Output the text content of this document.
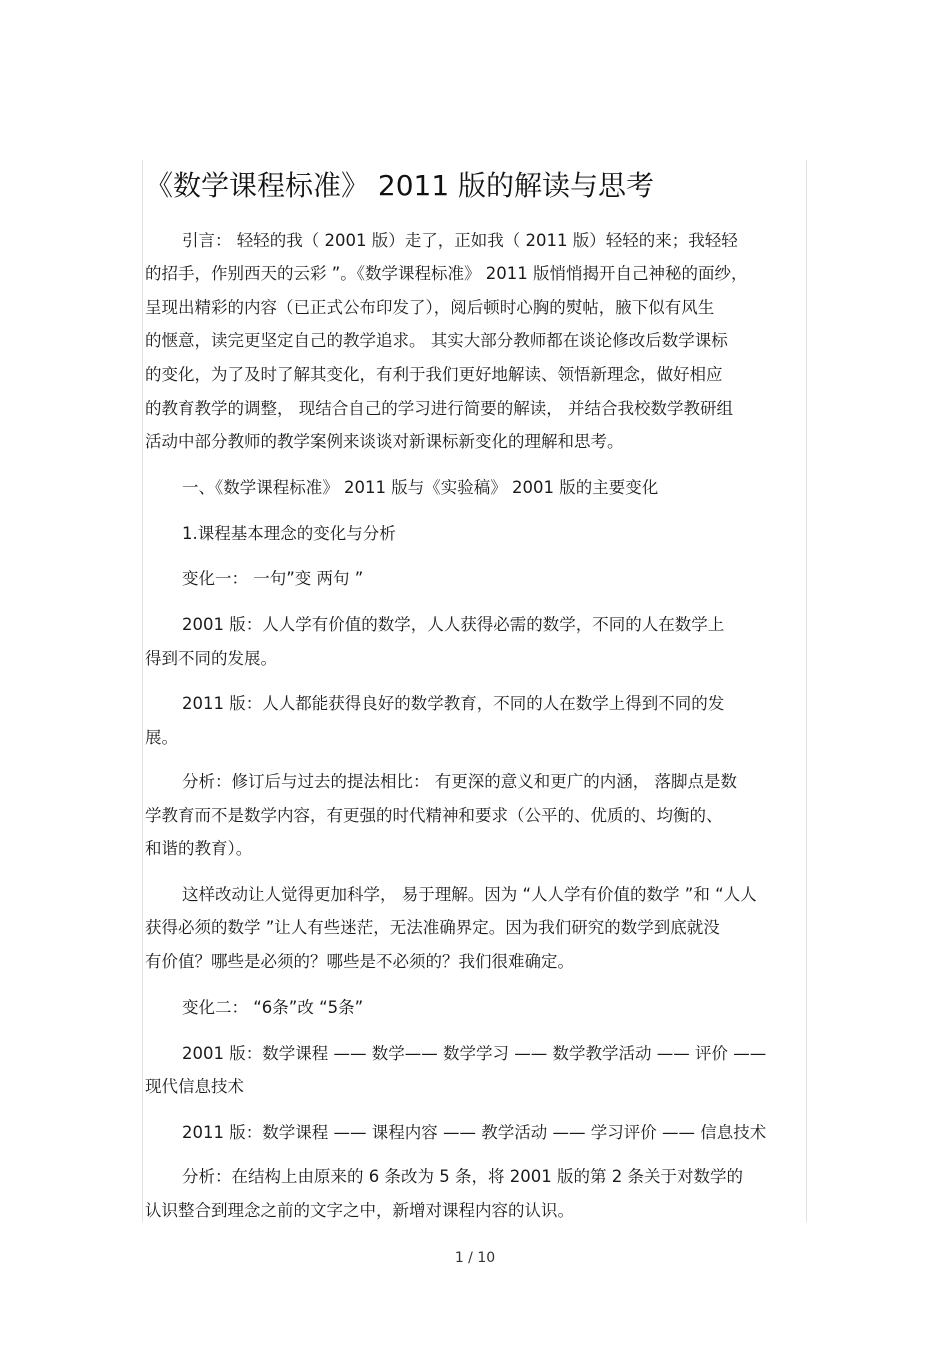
《数学课程标准》 2011 版的解读与思考
引言： 轻轻的我（ 2001 版）走了，正如我（ 2011 版）轻轻的来；我轻轻
的招手，作别西天的云彩 ”。《数学课程标准》 2011 版悄悄揭开自己神秘的面纱，
呈现出精彩的内容（已正式公布印发了），阅后顿时心胸的熨帖，腋下似有风生
的惬意，读完更坚定自己的教学追求。 其实大部分教师都在谈论修改后数学课标
的变化，为了及时了解其变化，有利于我们更好地解读、领悟新理念，做好相应
的教育教学的调整， 现结合自己的学习进行简要的解读， 并结合我校数学教研组
活动中部分教师的教学案例来谈谈对新课标新变化的理解和思考。
一、《数学课程标准》 2011 版与《实验稿》 2001 版的主要变化
1.课程基本理念的变化与分析
变化一： 一句”变 两句 ”
2001 版：人人学有价值的数学，人人获得必需的数学，不同的人在数学上
得到不同的发展。
2011 版：人人都能获得良好的数学教育，不同的人在数学上得到不同的发
展。
分析：修订后与过去的提法相比： 有更深的意义和更广的内涵， 落脚点是数
学教育而不是数学内容，有更强的时代精神和要求（公平的、优质的、均衡的、
和谐的教育）。
这样改动让人觉得更加科学， 易于理解。因为 “人人学有价值的数学 ”和 “人人
获得必须的数学 ”让人有些迷茫，无法准确界定。因为我们研究的数学到底就没
有价值？哪些是必须的？哪些是不必须的？我们很难确定。
变化二： “6条”改 “5条”
2001 版：数学课程 —— 数学—— 数学学习 —— 数学教学活动 —— 评价 ——
现代信息技术
2011 版：数学课程 —— 课程内容 —— 教学活动 —— 学习评价 —— 信息技术
分析：在结构上由原来的 6 条改为 5 条，将 2001 版的第 2 条关于对数学的
认识整合到理念之前的文字之中，新增对课程内容的认识。
1 / 10
